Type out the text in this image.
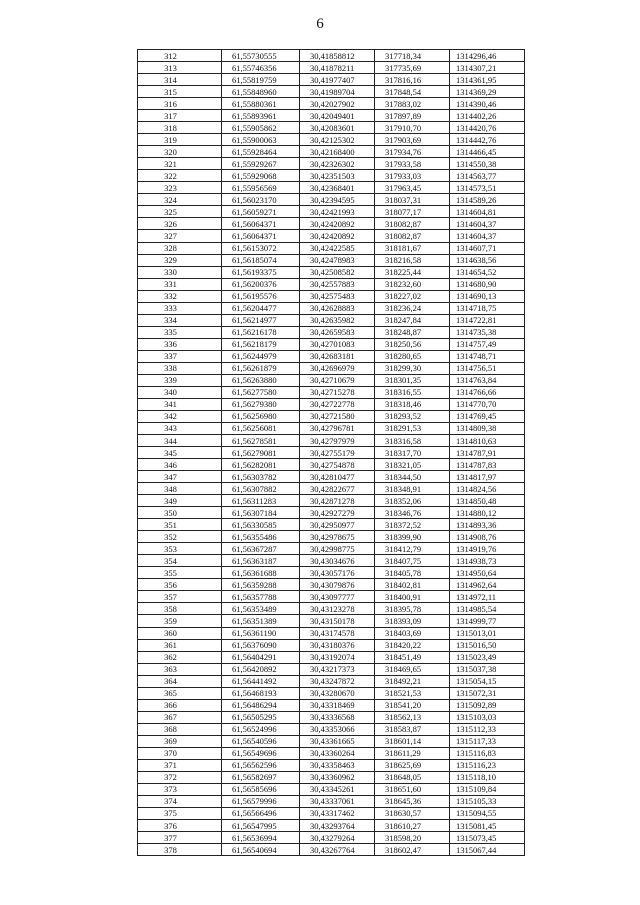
6
312	61,55730555	30,41858812	317718,34	1314296,46
313	61,55746356	30,41878211	317735,69	1314307,21
314	61,55819759	30,41977407	317816,16	1314361,95
315	61,55848960	30,41989704	317848,54	1314369,29
316	61,55880361	30,42027902	317883,02	1314390,46
317	61,55893961	30,42049401	317897,89	1314402,26
318	61,55905862	30,42083601	317910,70	1314420,76
319	61,55900063	30,42125302	317903,69	1314442,76
320	61,55928464	30,42168400	317934,76	1314466,45
321	61,55929267	30,42326302	317933,58	1314550,38
322	61,55929068	30,42351503	317933,03	1314563,77
323	61,55956569	30,42368401	317963,45	1314573,51
324	61,56023170	30,42394595	318037,31	1314589,26
325	61,56059271	30,42421993	318077,17	1314604,81
326	61,56064371	30,42420892	318082,87	1314604,37
327	61,56064371	30,42420892	318082,87	1314604,37
328	61,56153072	30,42422585	318181,67	1314607,71
329	61,56185074	30,42478983	318216,58	1314638,56
330	61,56193375	30,42508582	318225,44	1314654,52
331	61,56200376	30,42557883	318232,60	1314680,90
332	61,56195576	30,42575483	318227,02	1314690,13
333	61,56204477	30,42628883	318236,24	1314718,75
334	61,56214977	30,42635982	318247,84	1314722,81
335	61,56216178	30,42659583	318248,87	1314735,38
336	61,56218179	30,42701083	318250,56	1314757,49
337	61,56244979	30,42683181	318280,65	1314748,71
338	61,56261879	30,42696979	318299,30	1314756,51
339	61,56263880	30,42710679	318301,35	1314763,84
340	61,56277580	30,42715278	318316,55	1314766,66
341	61,56279380	30,42722778	318318,46	1314770,70
342	61,56256980	30,42721580	318293,52	1314769,45
343	61,56256081	30,42796781	318291,53	1314809,38
344	61,56278581	30,42797979	318316,58	1314810,63
345	61,56279081	30,42755179	318317,70	1314787,91
346	61,56282081	30,42754878	318321,05	1314787,83
347	61,56303782	30,42810477	318344,50	1314817,97
348	61,56307882	30,42822677	318348,91	1314824,56
349	61,56311283	30,42871278	318352,06	1314850,48
350	61,56307184	30,42927279	318346,76	1314880,12
351	61,56330585	30,42950977	318372,52	1314893,36
352	61,56355486	30,42978675	318399,90	1314908,76
353	61,56367287	30,42998775	318412,79	1314919,76
354	61,56363187	30,43034676	318407,75	1314938,73
355	61,56361688	30,43057176	318405,78	1314950,64
356	61,56359288	30,43079876	318402,81	1314962,64
357	61,56357788	30,43097777	318400,91	1314972,11
358	61,56353489	30,43123278	318395,78	1314985,54
359	61,56351389	30,43150178	318393,09	1314999,77
360	61,56361190	30,43174578	318403,69	1315013,01
361	61,56376090	30,43180376	318420,22	1315016,50
362	61,56404291	30,43192074	318451,49	1315023,49
363	61,56420892	30,43217373	318469,65	1315037,38
364	61,56441492	30,43247872	318492,21	1315054,15
365	61,56468193	30,43280670	318521,53	1315072,31
366	61,56486294	30,43318469	318541,20	1315092,89
367	61,56505295	30,43336568	318562,13	1315103,03
368	61,56524996	30,43353066	318583,87	1315112,33
369	61,56540596	30,43361665	318601,14	1315117,33
370	61,56549696	30,43360264	318611,29	1315116,83
371	61,56562596	30,43358463	318625,69	1315116,23
372	61,56582697	30,43360962	318648,05	1315118,10
373	61,56585696	30,43345261	318651,60	1315109,84
374	61,56579996	30,43337061	318645,36	1315105,33
375	61,56566496	30,43317462	318630,57	1315094,55
376	61,56547995	30,43293764	318610,27	1315081,45
377	61,56536994	30,43279264	318598,20	1315073,45
378	61,56540694	30,43267764	318602,47	1315067,44
